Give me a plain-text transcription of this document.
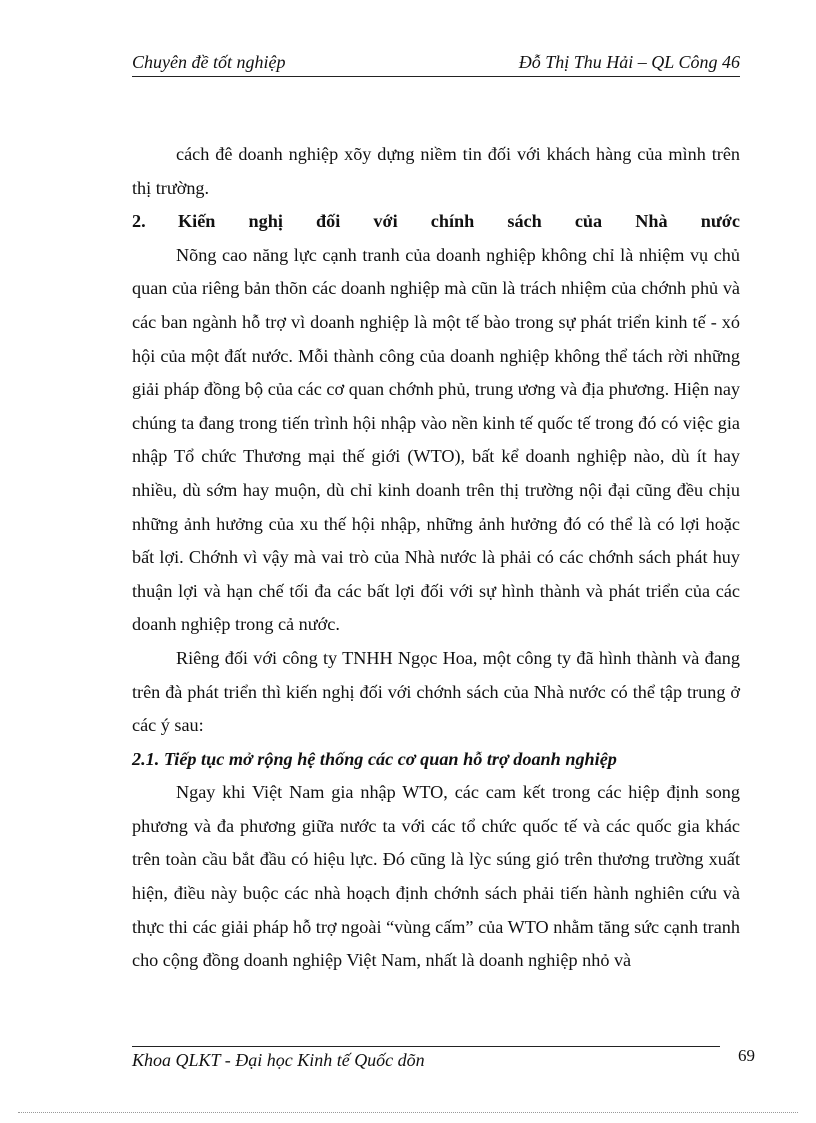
Chuyên đề tốt nghiệp	Đỗ Thị Thu Hải – QL Công 46

cách đê doanh nghiệp xõy dựng niềm tin đối với khách hàng của mình trên thị trường.

2.	Kiến nghị đối với chính sách của Nhà nước

Nõng cao năng lực cạnh tranh của doanh nghiệp không chỉ là nhiệm vụ chủ quan của riêng bản thõn các doanh nghiệp mà cũn là trách nhiệm của chớnh phủ và các ban ngành hỗ trợ vì doanh nghiệp là một tế bào trong sự phát triển kinh tế - xó hội của một đất nước. Mỗi thành công của doanh nghiệp không thể tách rời những giải pháp đồng bộ của các cơ quan chớnh phủ, trung ương và địa phương. Hiện nay chúng ta đang trong tiến trình hội nhập vào nền kinh tế quốc tế trong đó có việc gia nhập Tổ chức Thương mại thế giới (WTO), bất kể doanh nghiệp nào, dù ít hay nhiều, dù sớm hay muộn, dù chỉ kinh doanh trên thị trường nội đại cũng đều chịu những ảnh hưởng của xu thế hội nhập, những ảnh hưởng đó có thể là có lợi hoặc bất lợi. Chớnh vì vậy mà vai trò của Nhà nước là phải có các chớnh sách phát huy thuận lợi và hạn chế tối đa các bất lợi đối với sự hình thành và phát triển của các doanh nghiệp trong cả nước.

Riêng đối với công ty TNHH Ngọc Hoa, một công ty đã hình thành và đang trên đà phát triển thì kiến nghị đối với chớnh sách của Nhà nước có thể tập trung ở các ý sau:

2.1. Tiếp tục mở rộng hệ thống các cơ quan hỗ trợ doanh nghiệp

Ngay khi Việt Nam gia nhập WTO, các cam kết trong các hiệp định song phương và đa phương giữa nước ta với các tổ chức quốc tế và các quốc gia khác trên toàn cầu bắt đầu có hiệu lực. Đó cũng là lỳc súng gió trên thương trường xuất hiện, điều này buộc các nhà hoạch định chớnh sách phải tiến hành nghiên cứu và thực thi các giải pháp hỗ trợ ngoài “vùng cấm” của WTO nhằm tăng sức cạnh tranh cho cộng đồng doanh nghiệp Việt Nam, nhất là doanh nghiệp nhỏ và

Khoa QLKT - Đại học Kinh tế Quốc dõn	69
